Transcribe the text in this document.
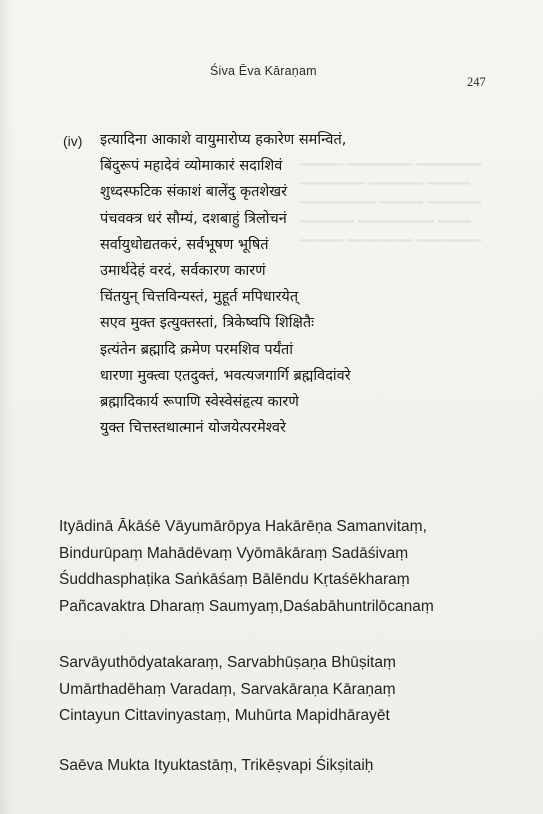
▁▁▁▁ ▁▁▁▁▁▁ ▁▁▁▁▁▁
▁▁▁▁▁▁ ▁▁▁▁▁ ▁▁▁▁
▁▁▁▁▁▁▁ ▁▁▁▁ ▁▁▁▁▁
▁▁▁▁▁ ▁▁▁▁▁▁▁ ▁▁▁
▁▁▁▁ ▁▁▁▁▁▁ ▁▁▁▁▁▁
Śiva Ēva Kāraṇam
247
(iv) इत्यादिना आकाशे वायुमारोप्य हकारेण समन्वितं,
बिंदुरूपं महादेवं व्योमाकारं सदाशिवं
शुध्दस्फटिक संकाशं बालेंदु कृतशेखरं
पंचवक्त्र धरं सौम्यं, दशबाहुं त्रिलोचनं
सर्वायुधोद्यतकरं, सर्वभूषण भूषितं
उमार्थदेहं वरदं, सर्वकारण कारणं
चिंतयुन् चित्तविन्यस्तं, मुहूर्त मपिधारयेत्
सएव मुक्त इत्युक्तस्तां, त्रिकेष्वपि शिक्षितैः
इत्यंतेन ब्रह्मादि क्रमेण परमशिव पर्यंतां
धारणा मुक्त्वा एतदुक्तं, भवत्यजगार्गि ब्रह्मविदांवरे
ब्रह्मादिकार्य रूपाणि स्वेस्वेसंहृत्य कारणे
युक्त चित्तस्तथात्मानं योजयेत्परमेश्वरे
Ityādinā Ākāśē Vāyumārōpya Hakārēṇa Samanvitaṃ,
Bindurūpaṃ Mahādēvaṃ Vyōmākāraṃ Sadāśivaṃ
Śuddhasphaṭika Saṅkāśaṃ Bālēndu Kṛtaśēkharaṃ
Pañcavaktra Dharaṃ Saumyaṃ,Daśabāhuntrilōcanaṃ
Sarvāyuthōdyatakaraṃ, Sarvabhūṣaṇa Bhūṣitaṃ
Umārthadēhaṃ Varadaṃ, Sarvakāraṇa Kāraṇaṃ
Cintayun Cittavinyastaṃ, Muhūrta Mapidhārayēt
Saēva Mukta Ityuktastāṃ, Trikēṣvapi Śikṣitaiḥ
